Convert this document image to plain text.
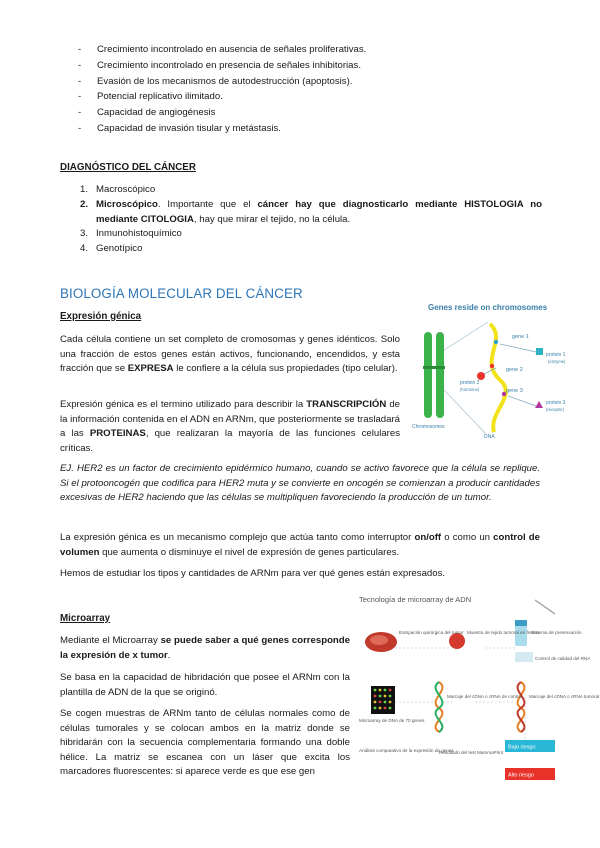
- Crecimiento incontrolado en ausencia de señales proliferativas.
- Crecimiento incontrolado en presencia de señales inhibitorias.
- Evasión de los mecanismos de autodestrucción (apoptosis).
- Potencial replicativo ilimitado.
- Capacidad de angiogénesis
- Capacidad de invasión tisular y metástasis.
DIAGNÓSTICO DEL CÁNCER
1. Macroscópico
2. Microscópico. Importante que el cáncer hay que diagnosticarlo mediante HISTOLOGIA no mediante CITOLOGIA, hay que mirar el tejido, no la célula.
3. Inmunohistoquímico
4. Genotípico
BIOLOGÍA MOLECULAR DEL CÁNCER
Expresión génica
Cada célula contiene un set completo de cromosomas y genes idénticos. Solo una fracción de estos genes están activos, funcionando, encendidos, y esta fracción que se EXPRESA le confiere a la célula sus propiedades (tipo celular).
Expresión génica es el termino utilizado para describir la TRANSCRIPCIÓN de la información contenida en el ADN en ARNm, que posteriormente se trasladará a las PROTEINAS, que realizaran la mayoría de las funciones celulares críticas.
EJ. HER2 es un factor de crecimiento epidérmico humano, cuando se activo favorece que la célula se replique. Si el protooncogén que codifica para HER2 muta y se convierte en oncogén se comienzan a producir cantidades excesivas de HER2 haciendo que las células se multipliquen favoreciendo la producción de un tumor.
La expresión génica es un mecanismo complejo que actúa tanto como interruptor on/off o como un control de volumen que aumenta o disminuye el nivel de expresión de genes particulares.
Hemos de estudiar los tipos y cantidades de ARNm para ver qué genes están expresados.
Genes reside on chromosomes
gene 1
gene 2
gene 3
protein 1
(enzyme)
protein 2
(hormone)
protein 3
(receptor)
Chromosomes
DNA
Microarray
Mediante el Microarray se puede saber a qué genes corresponde la expresión de x tumor.
Se basa en la capacidad de hibridación que posee el ARNm con la plantilla de ADN de la que se originó.
Se cogen muestras de ARNm tanto de células normales como de células tumorales y se colocan ambos en la matriz donde se hibridarán con la secuencia complementaria formando una doble hélice. La matriz se escanea con un láser que excita los marcadores fluorescentes: si aparece verde es que ese gen
Tecnología de microarray de ADN
Extirpación quirúrgica del tumor Muestra de tejido tumoral en fresco
Sistema de preservación
Control de calidad del RNA
Marcaje del cDNA o cRNA de control Marcaje del cDNA o cRNA tumoral
Microarray de DNA de 70 genes
Análisis comparativo de la expresión de genes
Resultado del test MammaPrint
Bajo riesgo
Alto riesgo
